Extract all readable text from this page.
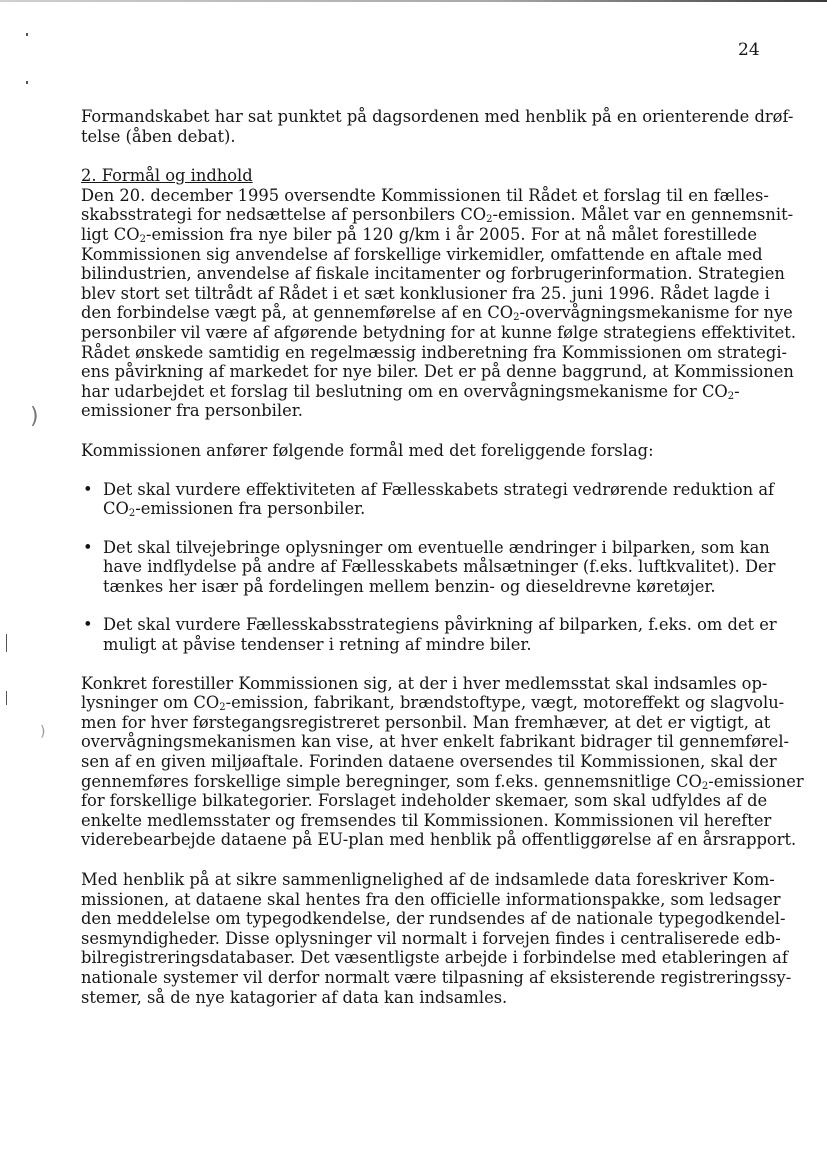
)
)
24

Formandskabet har sat punktet på dagsordenen med henblik på en orienterende drøf-
telse (åben debat).

2. Formål og indhold

Den 20. december 1995 oversendte Kommissionen til Rådet et forslag til en fælles-
skabsstrategi for nedsættelse af personbilers $CO_2$-emission. Målet var en gennemsnit-
ligt $CO_2$-emission fra nye biler på 120 g/km i år 2005. For at nå målet forestillede
Kommissionen sig anvendelse af forskellige virkemidler, omfattende en aftale med
bilindustrien, anvendelse af fiskale incitamenter og forbrugerinformation. Strategien
blev stort set tiltrådt af Rådet i et sæt konklusioner fra 25. juni 1996. Rådet lagde i
den forbindelse vægt på, at gennemførelse af en $CO_2$-overvågningsmekanisme for nye
personbiler vil være af afgørende betydning for at kunne følge strategiens effektivitet.
Rådet ønskede samtidig en regelmæssig indberetning fra Kommissionen om strategi-
ens påvirkning af markedet for nye biler. Det er på denne baggrund, at Kommissionen
har udarbejdet et forslag til beslutning om en overvågningsmekanisme for $CO_2-$
emissioner fra personbiler.

Kommissionen anfører følgende formål med det foreliggende forslag:

• Det skal vurdere effektiviteten af Fællesskabets strategi vedrørende reduktion af
$CO_2$-emissionen fra personbiler.
• Det skal tilvejebringe oplysninger om eventuelle ændringer i bilparken, som kan
have indflydelse på andre af Fællesskabets målsætninger (f.eks. luftkvalitet). Der
tænkes her især på fordelingen mellem benzin- og dieseldrevne køretøjer.
• Det skal vurdere Fællesskabsstrategiens påvirkning af bilparken, f.eks. om det er
muligt at påvise tendenser i retning af mindre biler.

Konkret forestiller Kommissionen sig, at der i hver medlemsstat skal indsamles op-
lysninger om $CO_2$-emission, fabrikant, brændstoftype, vægt, motoreffekt og slagvolu-
men for hver førstegangsregistreret personbil. Man fremhæver, at det er vigtigt, at
overvågningsmekanismen kan vise, at hver enkelt fabrikant bidrager til gennemførel-
sen af en given miljøaftale. Forinden dataene oversendes til Kommissionen, skal der
gennemføres forskellige simple beregninger, som f.eks. gennemsnitlige $CO_2$-emissioner
for forskellige bilkategorier. Forslaget indeholder skemaer, som skal udfyldes af de
enkelte medlemsstater og fremsendes til Kommissionen. Kommissionen vil herefter
viderebearbejde dataene på EU-plan med henblik på offentliggørelse af en årsrapport.

Med henblik på at sikre sammenlignelighed af de indsamlede data foreskriver Kom-
missionen, at dataene skal hentes fra den officielle informationspakke, som ledsager
den meddelelse om typegodkendelse, der rundsendes af de nationale typegodkendel-
sesmyndigheder. Disse oplysninger vil normalt i forvejen findes i centraliserede edb-
bilregistreringsdatabaser. Det væsentligste arbejde i forbindelse med etableringen af
nationale systemer vil derfor normalt være tilpasning af eksisterende registreringssy-
stemer, så de nye katagorier af data kan indsamles.
